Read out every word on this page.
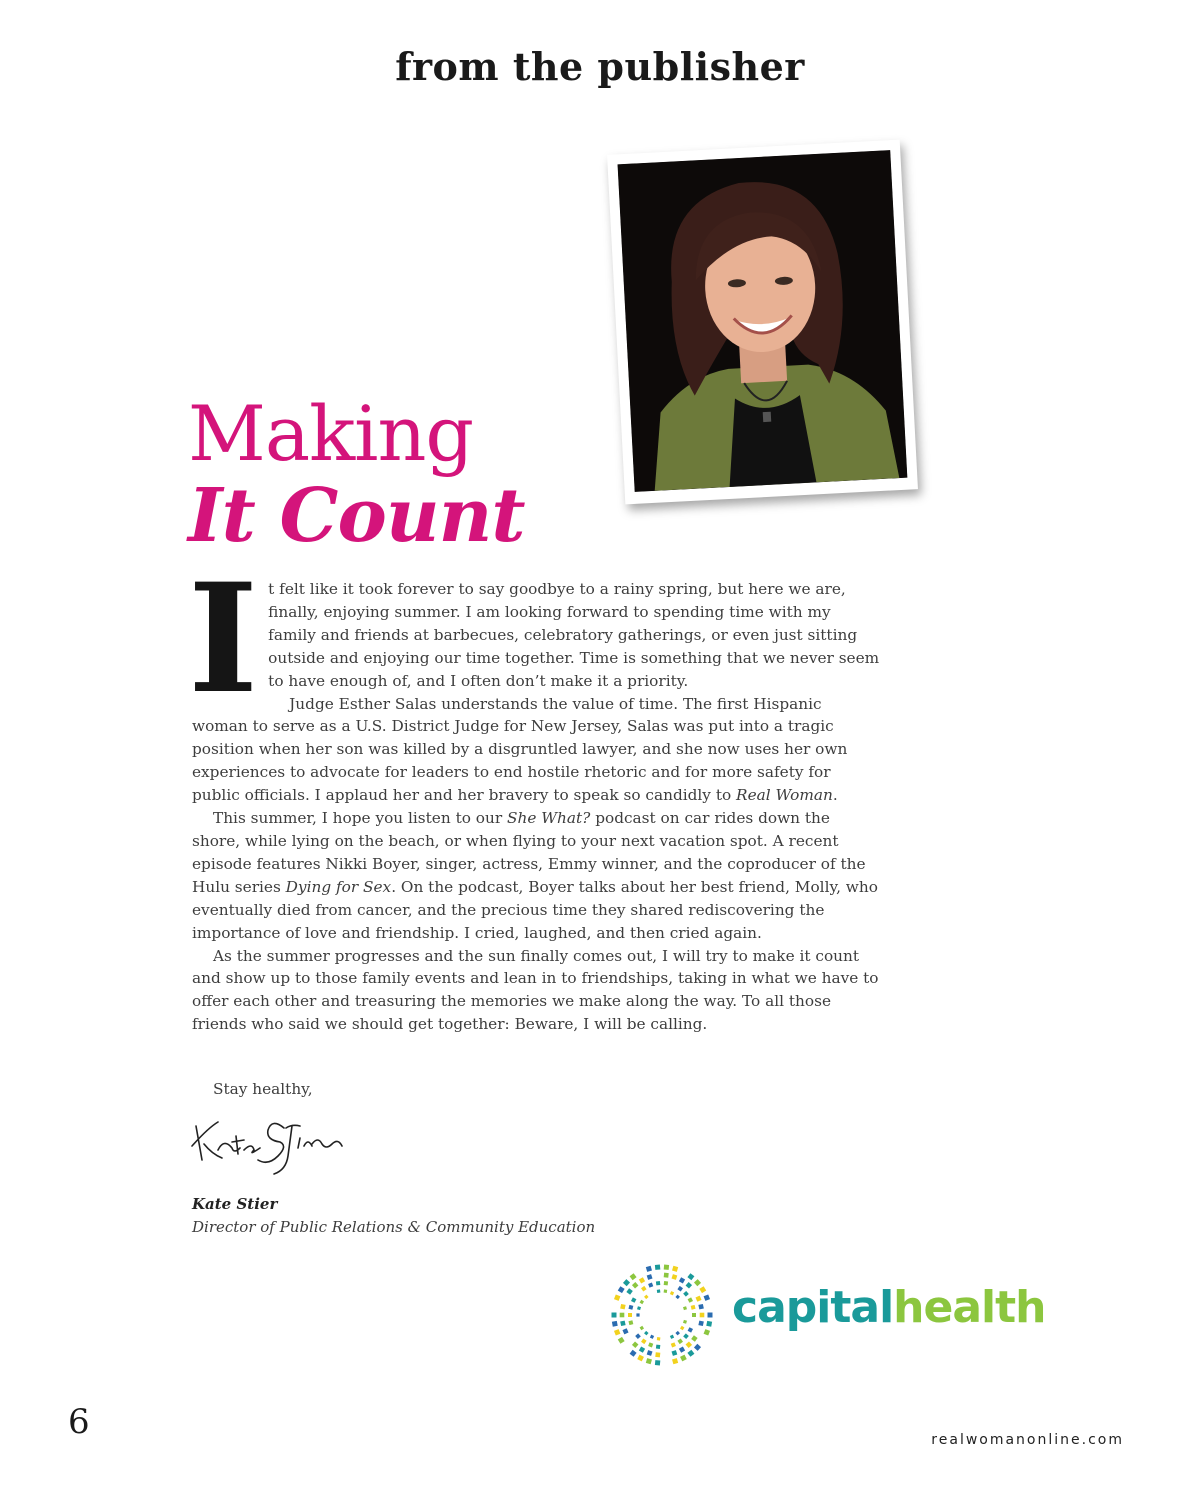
from the publisher
Making
It Count
I t felt like it took forever to say goodbye to a rainy spring, but here we are, finally, enjoying summer. I am looking forward to spending time with my family and friends at barbecues, celebratory gatherings, or even just sitting outside and enjoying our time together. Time is something that we never seem to have enough of, and I often don’t make it a priority.

Judge Esther Salas understands the value of time. The first Hispanic woman to serve as a U.S. District Judge for New Jersey, Salas was put into a tragic position when her son was killed by a disgruntled lawyer, and she now uses her own experiences to advocate for leaders to end hostile rhetoric and for more safety for public officials. I applaud her and her bravery to speak so candidly to Real Woman.

This summer, I hope you listen to our She What? podcast on car rides down the shore, while lying on the beach, or when flying to your next vacation spot. A recent episode features Nikki Boyer, singer, actress, Emmy winner, and the coproducer of the Hulu series Dying for Sex. On the podcast, Boyer talks about her best friend, Molly, who eventually died from cancer, and the precious time they shared rediscovering the importance of love and friendship. I cried, laughed, and then cried again.

As the summer progresses and the sun finally comes out, I will try to make it count and show up to those family events and lean in to friendships, taking in what we have to offer each other and treasuring the memories we make along the way. To all those friends who said we should get together: Beware, I will be calling.

Stay healthy,
Kate Stier
Director of Public Relations & Community Education
capitalhealth
6	realwomanonline.com
